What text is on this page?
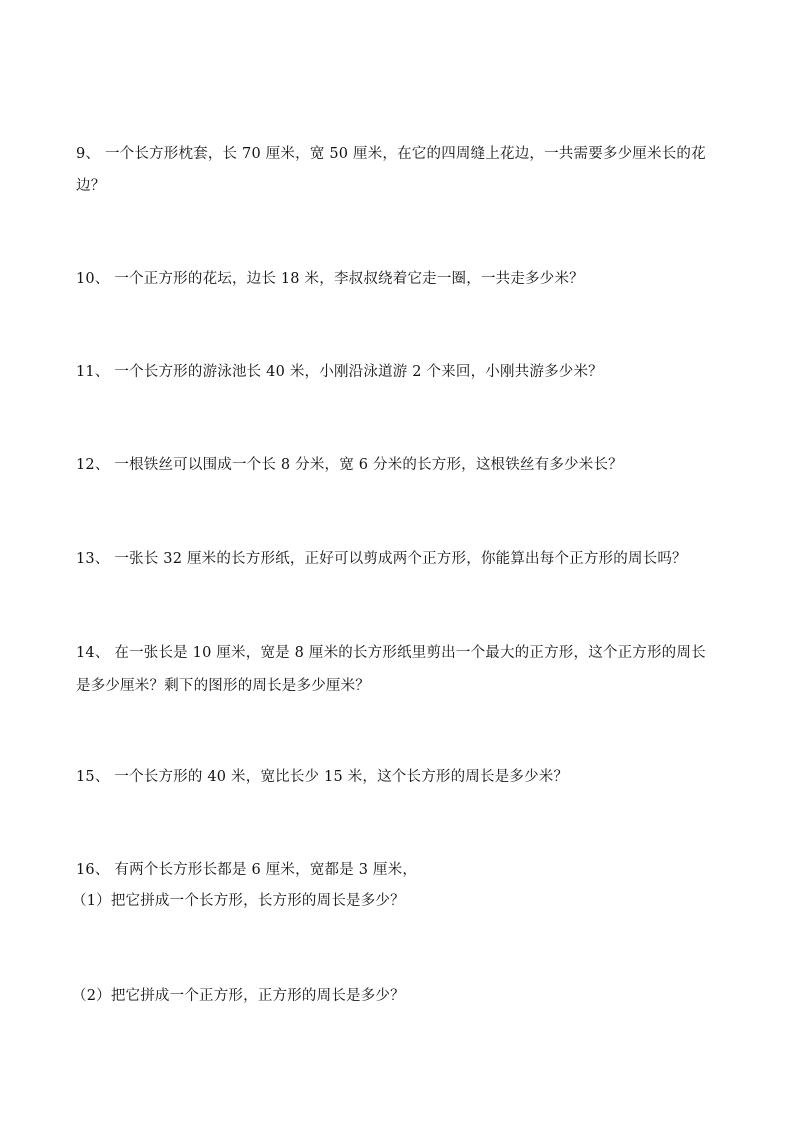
9、 一个长方形枕套，长 70 厘米，宽 50 厘米，在它的四周缝上花边，一共需要多少厘米长的花
边？
10、 一个正方形的花坛，边长 18 米，李叔叔绕着它走一圈，一共走多少米？
11、 一个长方形的游泳池长 40 米，小刚沿泳道游 2 个来回，小刚共游多少米？
12、 一根铁丝可以围成一个长 8 分米，宽 6 分米的长方形，这根铁丝有多少米长？
13、 一张长 32 厘米的长方形纸，正好可以剪成两个正方形，你能算出每个正方形的周长吗？
14、 在一张长是 10 厘米，宽是 8 厘米的长方形纸里剪出一个最大的正方形，这个正方形的周长
是多少厘米？剩下的图形的周长是多少厘米？
15、 一个长方形的 40 米，宽比长少 15 米，这个长方形的周长是多少米？
16、 有两个长方形长都是 6 厘米，宽都是 3 厘米，
（1）把它拼成一个长方形，长方形的周长是多少？
（2）把它拼成一个正方形，正方形的周长是多少？
